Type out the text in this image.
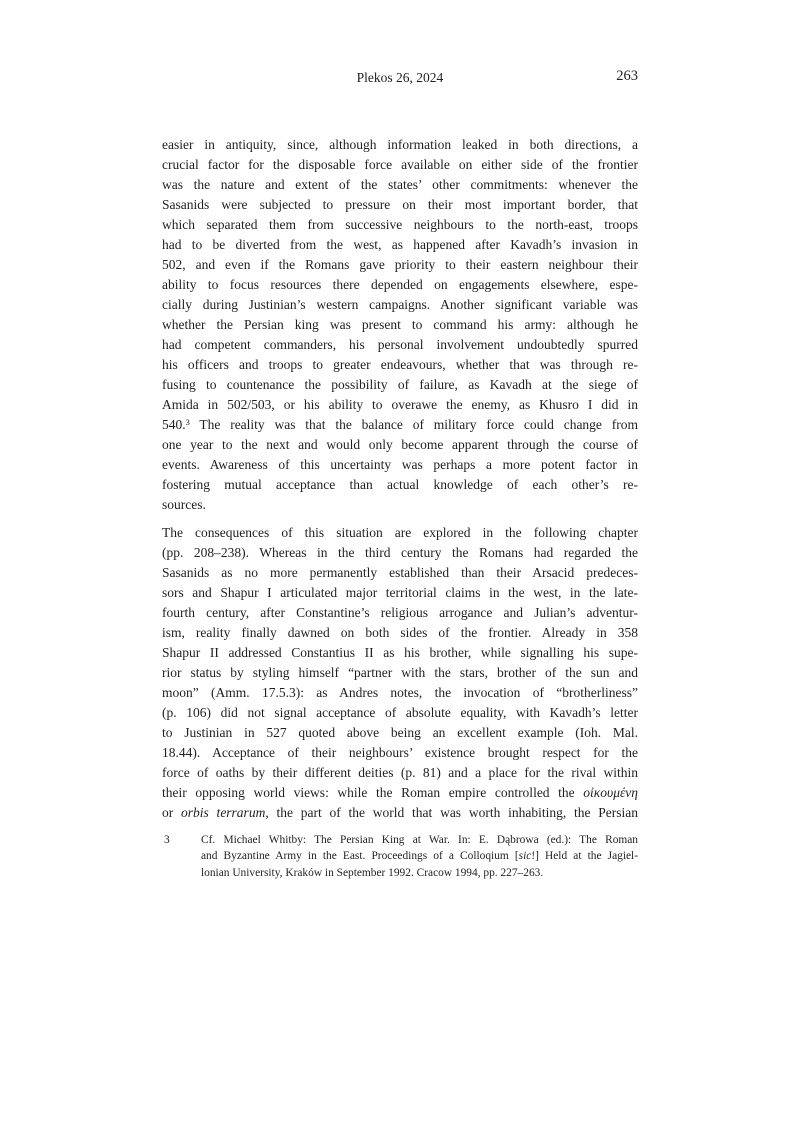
Plekos 26, 2024	263
easier in antiquity, since, although information leaked in both directions, a
crucial factor for the disposable force available on either side of the frontier
was the nature and extent of the states’ other commitments: whenever the
Sasanids were subjected to pressure on their most important border, that
which separated them from successive neighbours to the north-east, troops
had to be diverted from the west, as happened after Kavadh’s invasion in
502, and even if the Romans gave priority to their eastern neighbour their
ability to focus resources there depended on engagements elsewhere, espe-
cially during Justinian’s western campaigns. Another significant variable was
whether the Persian king was present to command his army: although he
had competent commanders, his personal involvement undoubtedly spurred
his officers and troops to greater endeavours, whether that was through re-
fusing to countenance the possibility of failure, as Kavadh at the siege of
Amida in 502/503, or his ability to overawe the enemy, as Khusro I did in
540.$^3$ The reality was that the balance of military force could change from
one year to the next and would only become apparent through the course of
events. Awareness of this uncertainty was perhaps a more potent factor in
fostering mutual acceptance than actual knowledge of each other’s re-
sources.
The consequences of this situation are explored in the following chapter
(pp. 208–238). Whereas in the third century the Romans had regarded the
Sasanids as no more permanently established than their Arsacid predeces-
sors and Shapur I articulated major territorial claims in the west, in the late-
fourth century, after Constantine’s religious arrogance and Julian’s adventur-
ism, reality finally dawned on both sides of the frontier. Already in 358
Shapur II addressed Constantius II as his brother, while signalling his supe-
rior status by styling himself “partner with the stars, brother of the sun and
moon” (Amm. 17.5.3): as Andres notes, the invocation of “brotherliness”
(p. 106) did not signal acceptance of absolute equality, with Kavadh’s letter
to Justinian in 527 quoted above being an excellent example (Ioh. Mal.
18.44). Acceptance of their neighbours’ existence brought respect for the
force of oaths by their different deities (p. 81) and a place for the rival within
their opposing world views: while the Roman empire controlled the οἰκουμένη
or orbis terrarum, the part of the world that was worth inhabiting, the Persian
3	Cf. Michael Whitby: The Persian King at War. In: E. Dąbrowa (ed.): The Roman
and Byzantine Army in the East. Proceedings of a Colloqium [sic!] Held at the Jagiel-
lonian University, Kraków in September 1992. Cracow 1994, pp. 227–263.
